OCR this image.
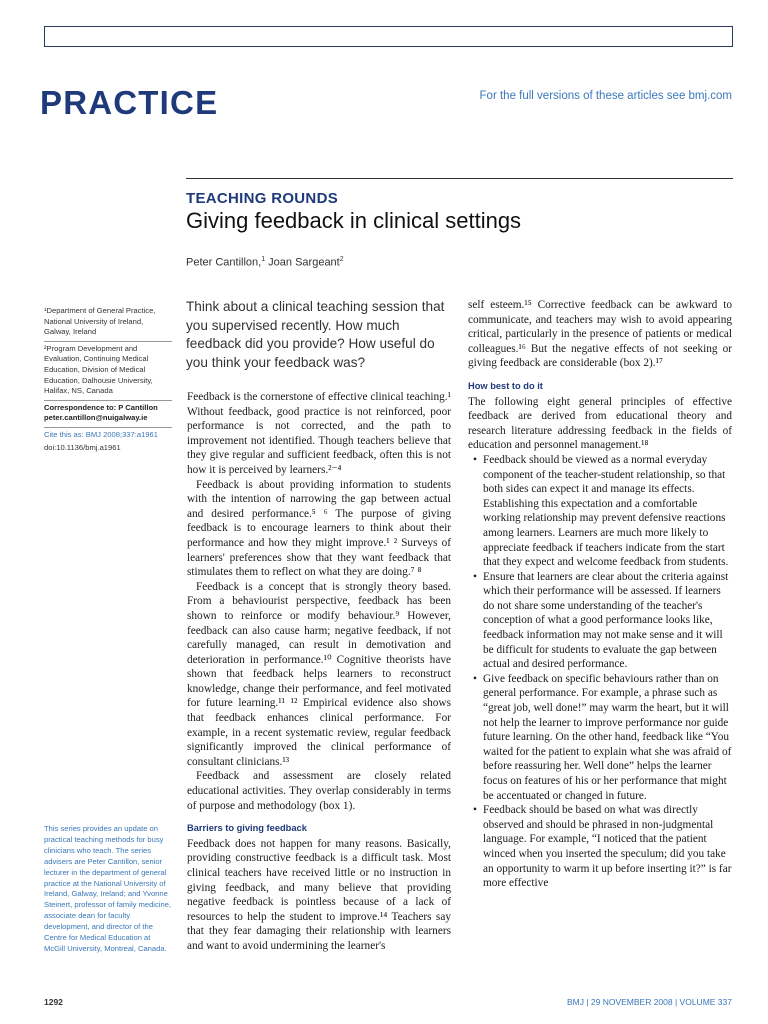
PRACTICE	For the full versions of these articles see bmj.com
TEACHING ROUNDS
Giving feedback in clinical settings
Peter Cantillon,$^1$ Joan Sargeant$^2$
¹Department of General Practice, National University of Ireland, Galway, Ireland
²Program Development and Evaluation, Continuing Medical Education, Division of Medical Education, Dalhousie University, Halifax, NS, Canada
Correspondence to: P Cantillon peter.cantillon@nuigalway.ie
Cite this as: BMJ 2008;337:a1961
doi:10.1136/bmj.a1961
This series provides an update on practical teaching methods for busy clinicians who teach. The series advisers are Peter Cantillon, senior lecturer in the department of general practice at the National University of Ireland, Galway, Ireland; and Yvonne Steinert, professor of family medicine, associate dean for faculty development, and director of the Centre for Medical Education at McGill University, Montreal, Canada.
Think about a clinical teaching session that you supervised recently. How much feedback did you provide? How useful do you think your feedback was?

Feedback is the cornerstone of effective clinical teaching.¹ Without feedback, good practice is not reinforced, poor performance is not corrected, and the path to improvement not identified. Though teachers believe that they give regular and sufficient feedback, often this is not how it is perceived by learners.²⁻⁴

Feedback is about providing information to students with the intention of narrowing the gap between actual and desired performance.⁵ ⁶ The purpose of giving feedback is to encourage learners to think about their performance and how they might improve.¹ ² Surveys of learners' preferences show that they want feedback that stimulates them to reflect on what they are doing.⁷ ⁸

Feedback is a concept that is strongly theory based. From a behaviourist perspective, feedback has been shown to reinforce or modify behaviour.⁹ However, feedback can also cause harm; negative feedback, if not carefully managed, can result in demotivation and deterioration in performance.¹⁰ Cognitive theorists have shown that feedback helps learners to reconstruct knowledge, change their performance, and feel motivated for future learning.¹¹ ¹² Empirical evidence also shows that feedback enhances clinical performance. For example, in a recent systematic review, regular feedback significantly improved the clinical performance of consultant clinicians.¹³

Feedback and assessment are closely related educational activities. They overlap considerably in terms of purpose and methodology (box 1).

Barriers to giving feedback

Feedback does not happen for many reasons. Basically, providing constructive feedback is a difficult task. Most clinical teachers have received little or no instruction in giving feedback, and many believe that providing negative feedback is pointless because of a lack of resources to help the student to improve.¹⁴ Teachers say that they fear damaging their relationship with learners and want to avoid undermining the learner's

self esteem.¹⁵ Corrective feedback can be awkward to communicate, and teachers may wish to avoid appearing critical, particularly in the presence of patients or medical colleagues.¹⁶ But the negative effects of not seeking or giving feedback are considerable (box 2).¹⁷

How best to do it

The following eight general principles of effective feedback are derived from educational theory and research literature addressing feedback in the fields of education and personnel management.¹⁸

• Feedback should be viewed as a normal everyday component of the teacher-student relationship, so that both sides can expect it and manage its effects. Establishing this expectation and a comfortable working relationship may prevent defensive reactions among learners. Learners are much more likely to appreciate feedback if teachers indicate from the start that they expect and welcome feedback from students.
• Ensure that learners are clear about the criteria against which their performance will be assessed. If learners do not share some understanding of the teacher's conception of what a good performance looks like, feedback information may not make sense and it will be difficult for students to evaluate the gap between actual and desired performance.
• Give feedback on specific behaviours rather than on general performance. For example, a phrase such as “great job, well done!” may warm the heart, but it will not help the learner to improve performance nor guide future learning. On the other hand, feedback like “You waited for the patient to explain what she was afraid of before reassuring her. Well done” helps the learner focus on features of his or her performance that might be accentuated or changed in future.
• Feedback should be based on what was directly observed and should be phrased in non-judgmental language. For example, “I noticed that the patient winced when you inserted the speculum; did you take an opportunity to warm it up before inserting it?” is far more effective
1292	BMJ | 29 NOVEMBER 2008 | VOLUME 337
